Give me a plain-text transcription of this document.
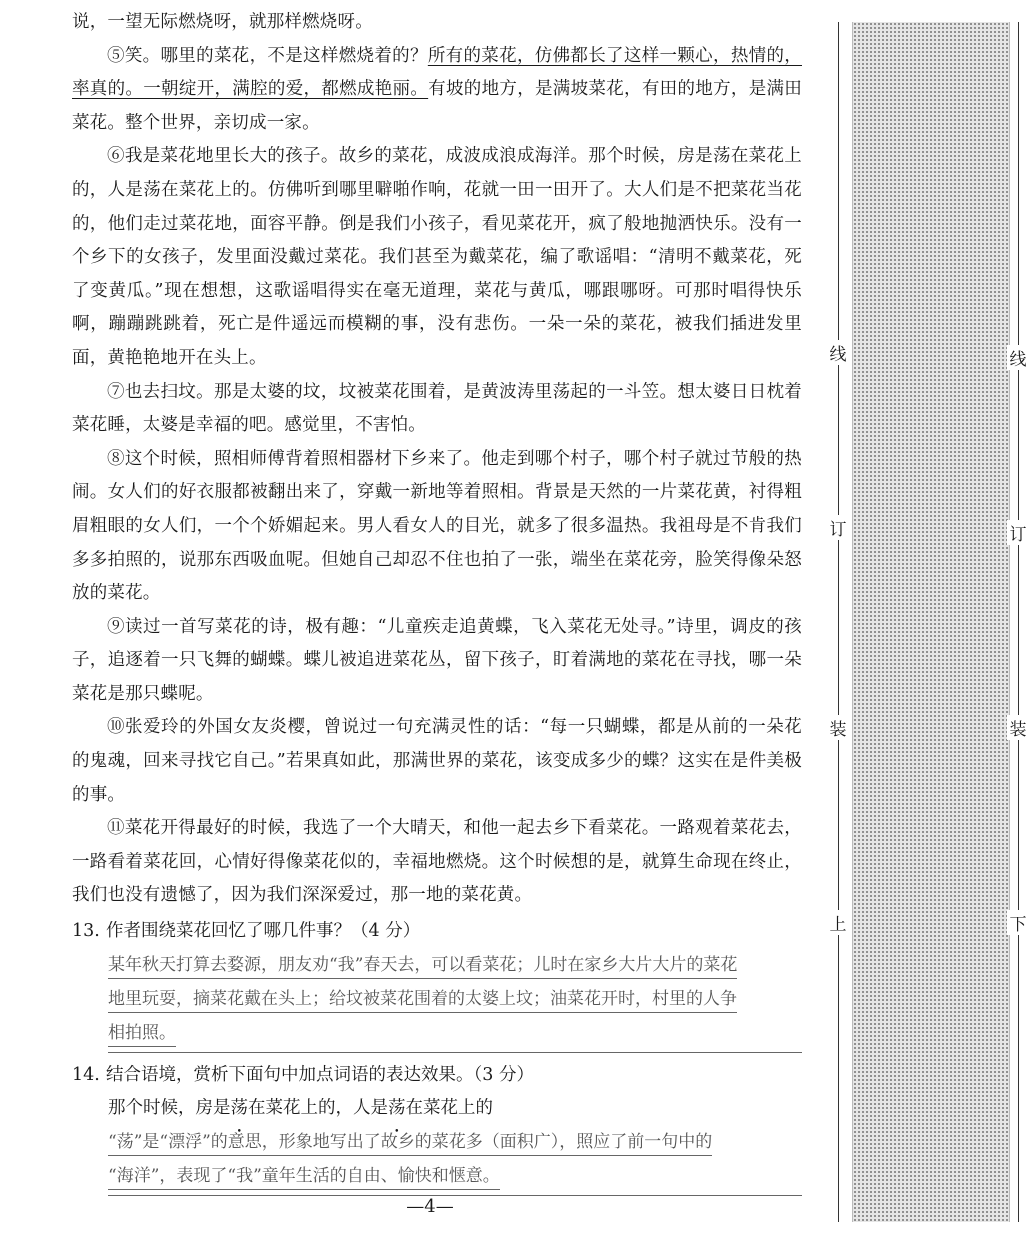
说，一望无际燃烧呀，就那样燃烧呀。

⑤笑。哪里的菜花，不是这样燃烧着的？所有的菜花，仿佛都长了这样一颗心，热情的，率真的。一朝绽开，满腔的爱，都燃成艳丽。有坡的地方，是满坡菜花，有田的地方，是满田菜花。整个世界，亲切成一家。

⑥我是菜花地里长大的孩子。故乡的菜花，成波成浪成海洋。那个时候，房是荡在菜花上的，人是荡在菜花上的。仿佛听到哪里噼啪作响，花就一田一田开了。大人们是不把菜花当花的，他们走过菜花地，面容平静。倒是我们小孩子，看见菜花开，疯了般地抛洒快乐。没有一个乡下的女孩子，发里面没戴过菜花。我们甚至为戴菜花，编了歌谣唱：“清明不戴菜花，死了变黄瓜。”现在想想，这歌谣唱得实在毫无道理，菜花与黄瓜，哪跟哪呀。可那时唱得快乐啊，蹦蹦跳跳着，死亡是件遥远而模糊的事，没有悲伤。一朵一朵的菜花，被我们插进发里面，黄艳艳地开在头上。

⑦也去扫坟。那是太婆的坟，坟被菜花围着，是黄波涛里荡起的一斗笠。想太婆日日枕着菜花睡，太婆是幸福的吧。感觉里，不害怕。

⑧这个时候，照相师傅背着照相器材下乡来了。他走到哪个村子，哪个村子就过节般的热闹。女人们的好衣服都被翻出来了，穿戴一新地等着照相。背景是天然的一片菜花黄，衬得粗眉粗眼的女人们，一个个娇媚起来。男人看女人的目光，就多了很多温热。我祖母是不肯我们多多拍照的，说那东西吸血呢。但她自己却忍不住也拍了一张，端坐在菜花旁，脸笑得像朵怒放的菜花。

⑨读过一首写菜花的诗，极有趣：“儿童疾走追黄蝶，飞入菜花无处寻。”诗里，调皮的孩子，追逐着一只飞舞的蝴蝶。蝶儿被追进菜花丛，留下孩子，盯着满地的菜花在寻找，哪一朵菜花是那只蝶呢。

⑩张爱玲的外国女友炎樱，曾说过一句充满灵性的话：“每一只蝴蝶，都是从前的一朵花的鬼魂，回来寻找它自己。”若果真如此，那满世界的菜花，该变成多少的蝶？这实在是件美极的事。

⑪菜花开得最好的时候，我选了一个大晴天，和他一起去乡下看菜花。一路观着菜花去，一路看着菜花回，心情好得像菜花似的，幸福地燃烧。这个时候想的是，就算生命现在终止，我们也没有遗憾了，因为我们深深爱过，那一地的菜花黄。

13. 作者围绕菜花回忆了哪几件事？（4 分）

某年秋天打算去婺源，朋友劝“我”春天去，可以看菜花；儿时在家乡大片大片的菜花

地里玩耍，摘菜花戴在头上；给坟被菜花围着的太婆上坟；油菜花开时，村里的人争

相拍照。

14. 结合语境，赏析下面句中加点词语的表达效果。（3 分）

那个时候，房是荡在菜花上的，人是荡在菜花上的

“荡”是“漂浮”的意思，形象地写出了故乡的菜花多（面积广），照应了前一句中的

“海洋”，表现了“我”童年生活的自由、愉快和惬意。

—4—
线
订
装
上
线
订
装
下
